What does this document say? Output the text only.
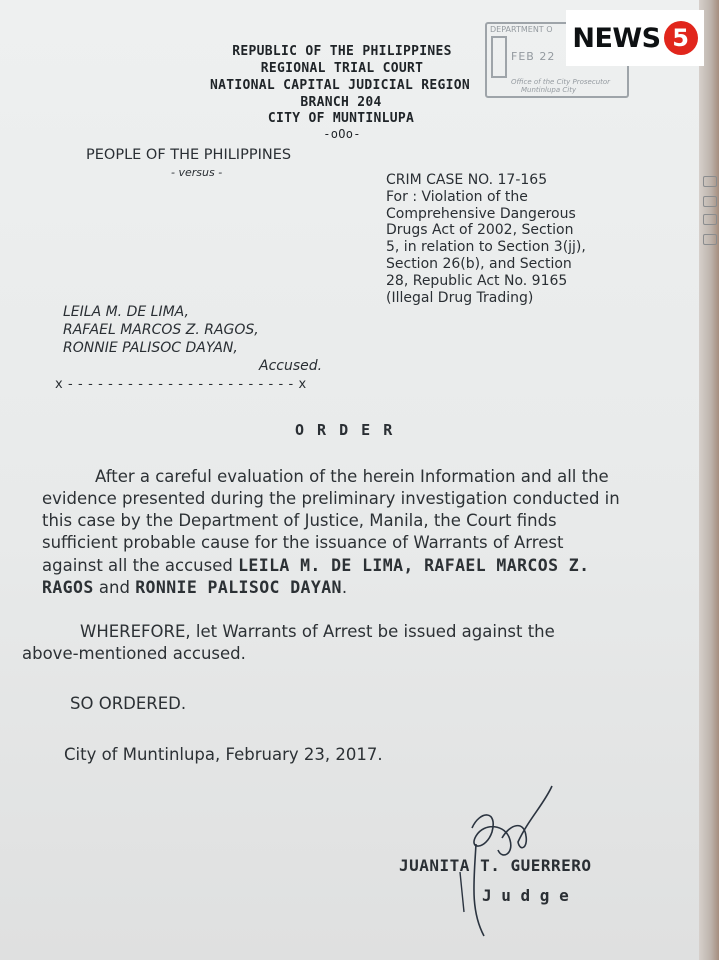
REPUBLIC OF THE PHILIPPINES
REGIONAL TRIAL COURT
NATIONAL CAPITAL JUDICIAL REGION
BRANCH 204
CITY OF MUNTINLUPA
-oOo-
DEPARTMENT O
FEB 22
Office of the City Prosecutor
Muntinlupa City
PEOPLE OF THE PHILIPPINES
- versus -	CRIM CASE NO. 17-165
For : Violation of the
Comprehensive Dangerous
Drugs Act of 2002, Section
5, in relation to Section 3(jj),
Section 26(b), and Section
28, Republic Act No. 9165
(Illegal Drug Trading)
LEILA M. DE LIMA,
RAFAEL MARCOS Z. RAGOS,
RONNIE PALISOC DAYAN,
Accused.
x - - - - - - - - - - - - - - - - - - - - - - - x
O R D E R
After a careful evaluation of the herein Information and all the
evidence presented during the preliminary investigation conducted in
this case by the Department of Justice, Manila, the Court finds
sufficient probable cause for the issuance of Warrants of Arrest
against all the accused LEILA M. DE LIMA, RAFAEL MARCOS Z.
RAGOS and RONNIE PALISOC DAYAN.
WHEREFORE, let Warrants of Arrest be issued against the
above-mentioned accused.
SO ORDERED.
City of Muntinlupa, February 23, 2017.
JUANITA T. GUERRERO
J u d g e
NEWS 5
